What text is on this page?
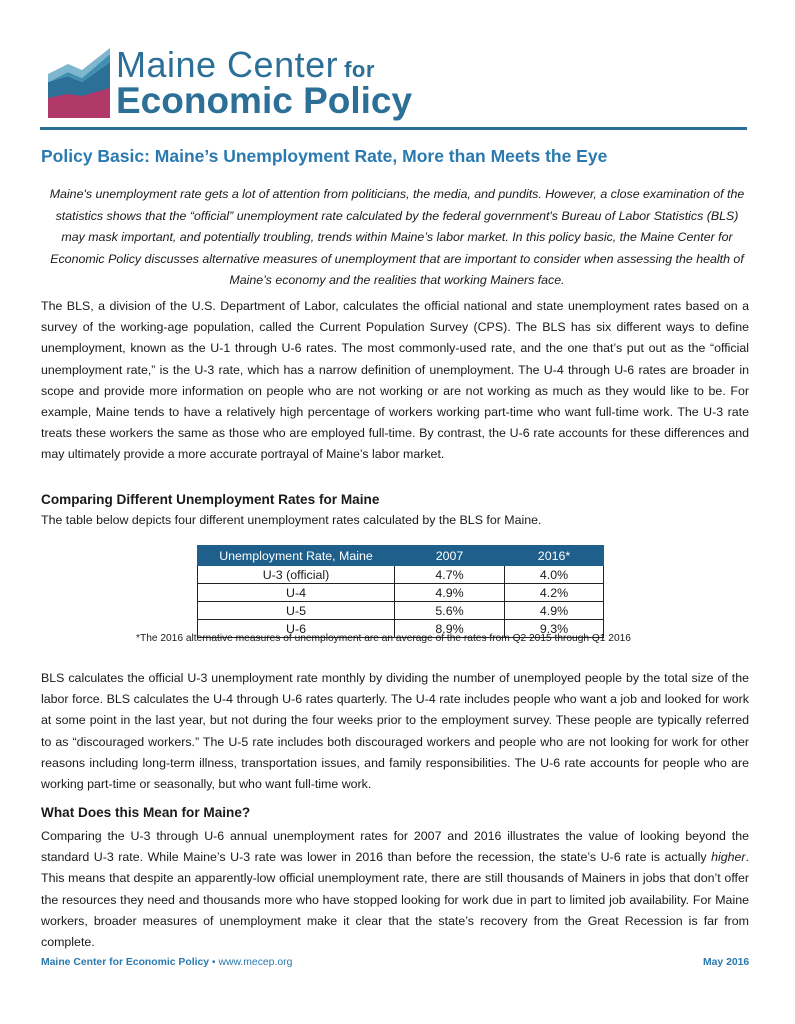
Maine Center for
Economic Policy
Policy Basic: Maine’s Unemployment Rate, More than Meets the Eye
Maine's unemployment rate gets a lot of attention from politicians, the media, and pundits. However, a close examination of the statistics shows that the “official” unemployment rate calculated by the federal government's Bureau of Labor Statistics (BLS) may mask important, and potentially troubling, trends within Maine’s labor market. In this policy basic, the Maine Center for Economic Policy discusses alternative measures of unemployment that are important to consider when assessing the health of Maine’s economy and the realities that working Mainers face.
The BLS, a division of the U.S. Department of Labor, calculates the official national and state unemployment rates based on a survey of the working-age population, called the Current Population Survey (CPS). The BLS has six different ways to define unemployment, known as the U-1 through U-6 rates. The most commonly-used rate, and the one that’s put out as the “official unemployment rate,” is the U-3 rate, which has a narrow definition of unemployment. The U-4 through U-6 rates are broader in scope and provide more information on people who are not working or are not working as much as they would like to be. For example, Maine tends to have a relatively high percentage of workers working part-time who want full-time work. The U-3 rate treats these workers the same as those who are employed full-time. By contrast, the U-6 rate accounts for these differences and may ultimately provide a more accurate portrayal of Maine’s labor market.
Comparing Different Unemployment Rates for Maine
The table below depicts four different unemployment rates calculated by the BLS for Maine.
Unemployment Rate, Maine	2007	2016*
U-3 (official)	4.7%	4.0%
U-4	4.9%	4.2%
U-5	5.6%	4.9%
U-6	8.9%	9.3%
*The 2016 alternative measures of unemployment are an average of the rates from Q2 2015 through Q1 2016
BLS calculates the official U-3 unemployment rate monthly by dividing the number of unemployed people by the total size of the labor force. BLS calculates the U-4 through U-6 rates quarterly. The U-4 rate includes people who want a job and looked for work at some point in the last year, but not during the four weeks prior to the employment survey. These people are typically referred to as “discouraged workers.” The U-5 rate includes both discouraged workers and people who are not looking for work for other reasons including long-term illness, transportation issues, and family responsibilities. The U-6 rate accounts for people who are working part-time or seasonally, but who want full-time work.
What Does this Mean for Maine?
Comparing the U-3 through U-6 annual unemployment rates for 2007 and 2016 illustrates the value of looking beyond the standard U-3 rate. While Maine’s U-3 rate was lower in 2016 than before the recession, the state’s U-6 rate is actually higher. This means that despite an apparently-low official unemployment rate, there are still thousands of Mainers in jobs that don’t offer the resources they need and thousands more who have stopped looking for work due in part to limited job availability. For Maine workers, broader measures of unemployment make it clear that the state’s recovery from the Great Recession is far from complete.
Maine Center for Economic Policy • www.mecep.org	May 2016
